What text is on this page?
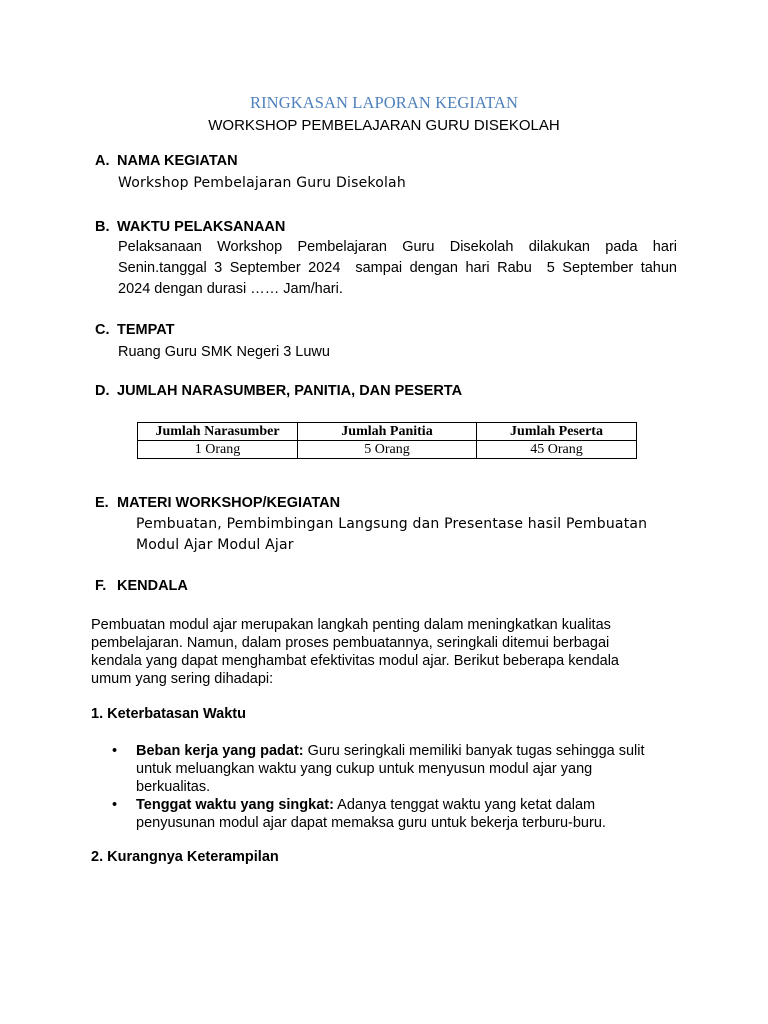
RINGKASAN LAPORAN KEGIATAN
WORKSHOP PEMBELAJARAN GURU DISEKOLAH
A. NAMA KEGIATAN
Workshop Pembelajaran Guru Disekolah
B. WAKTU PELAKSANAAN
Pelaksanaan Workshop Pembelajaran Guru Disekolah dilakukan pada hari
Senin.tanggal 3 September 2024  sampai dengan hari Rabu  5 September tahun
2024 dengan durasi …… Jam/hari.
C. TEMPAT
Ruang Guru SMK Negeri 3 Luwu
D. JUMLAH NARASUMBER, PANITIA, DAN PESERTA
Jumlah Narasumber	Jumlah Panitia	Jumlah Peserta
1 Orang	5 Orang	45 Orang
E. MATERI WORKSHOP/KEGIATAN
Pembuatan, Pembimbingan Langsung dan Presentase hasil Pembuatan
Modul Ajar Modul Ajar
F. KENDALA
Pembuatan modul ajar merupakan langkah penting dalam meningkatkan kualitas
pembelajaran. Namun, dalam proses pembuatannya, seringkali ditemui berbagai
kendala yang dapat menghambat efektivitas modul ajar. Berikut beberapa kendala
umum yang sering dihadapi:
1. Keterbatasan Waktu
• Beban kerja yang padat: Guru seringkali memiliki banyak tugas sehingga sulit
untuk meluangkan waktu yang cukup untuk menyusun modul ajar yang
berkualitas.
• Tenggat waktu yang singkat: Adanya tenggat waktu yang ketat dalam
penyusunan modul ajar dapat memaksa guru untuk bekerja terburu-buru.
2. Kurangnya Keterampilan
